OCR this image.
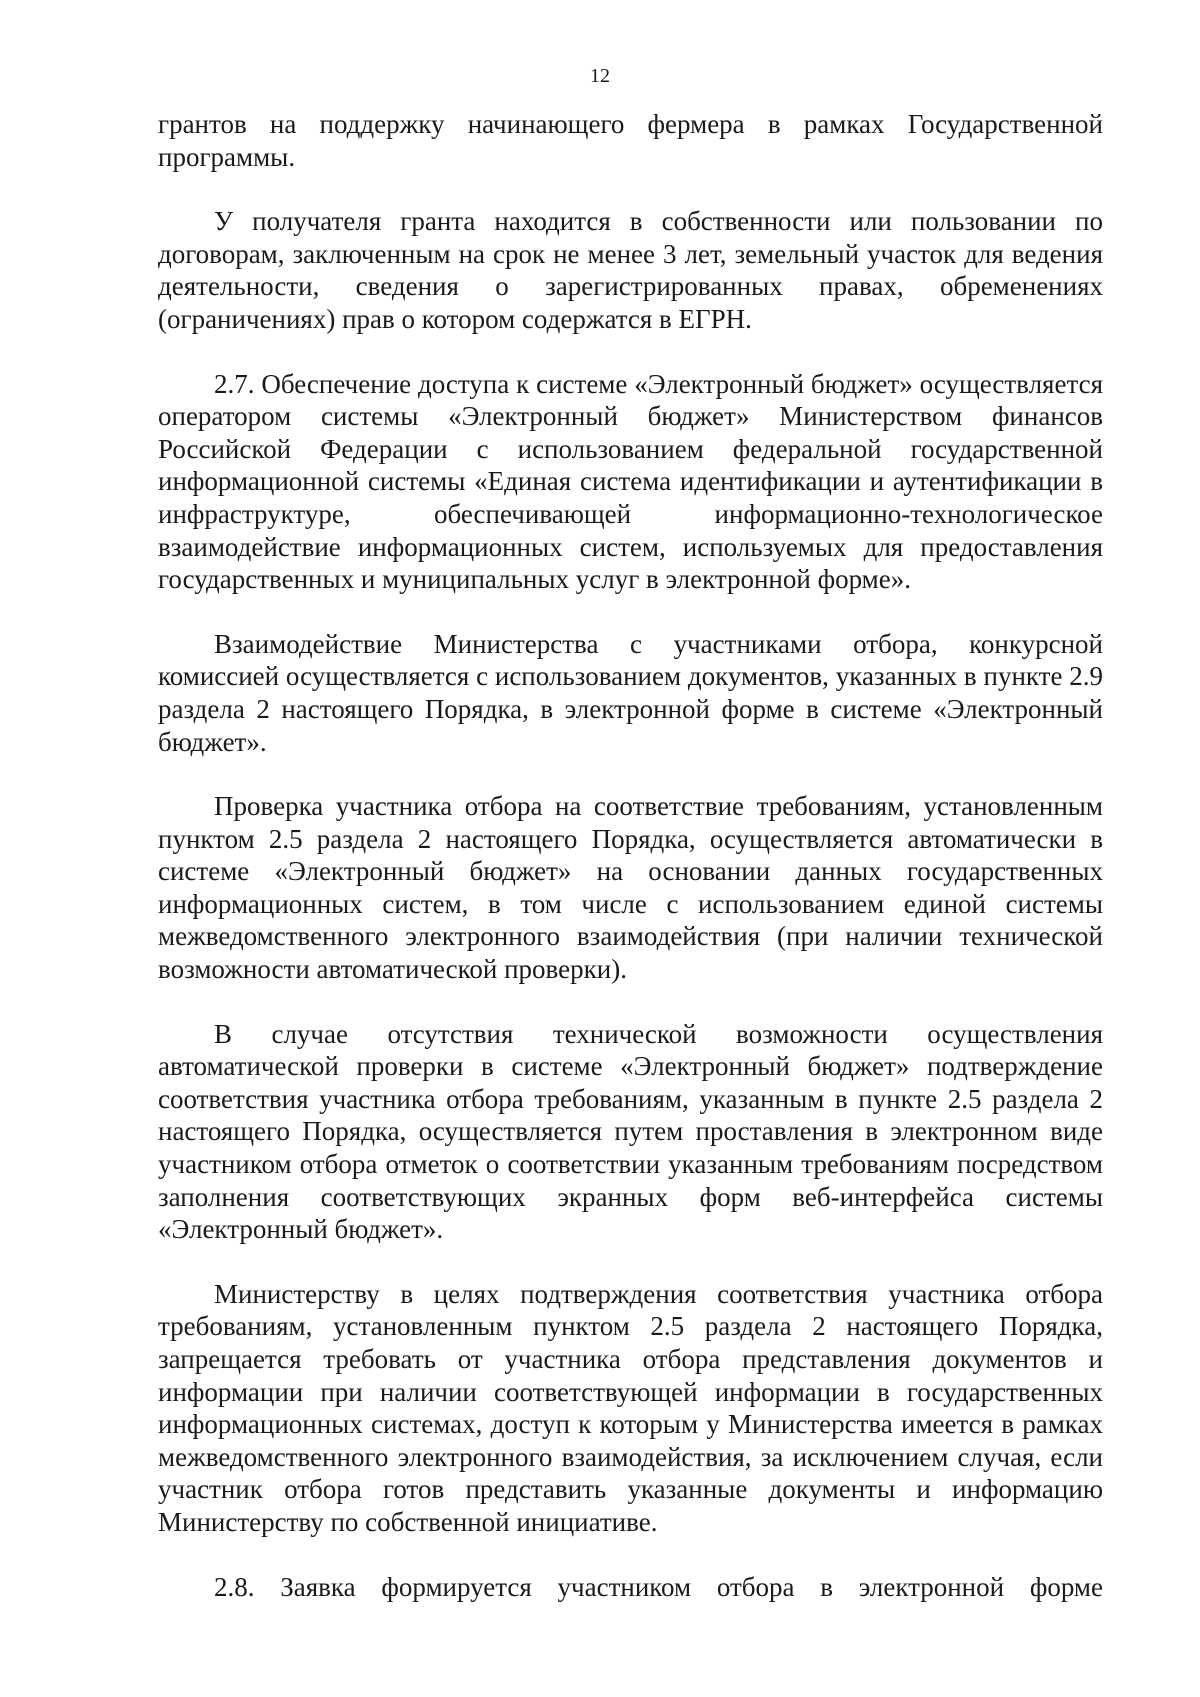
12

грантов на поддержку начинающего фермера в рамках Государственной программы.

У получателя гранта находится в собственности или пользовании по договорам, заключенным на срок не менее 3 лет, земельный участок для ведения деятельности, сведения о зарегистрированных правах, обременениях (ограничениях) прав о котором содержатся в ЕГРН.

2.7. Обеспечение доступа к системе «Электронный бюджет» осуществляется оператором системы «Электронный бюджет» Министерством финансов Российской Федерации с использованием федеральной государственной информационной системы «Единая система идентификации и аутентификации в инфраструктуре, обеспечивающей информационно-технологическое взаимодействие информационных систем, используемых для предоставления государственных и муниципальных услуг в электронной форме».

Взаимодействие Министерства с участниками отбора, конкурсной комиссией осуществляется с использованием документов, указанных в пункте 2.9 раздела 2 настоящего Порядка, в электронной форме в системе «Электронный бюджет».

Проверка участника отбора на соответствие требованиям, установленным пунктом 2.5 раздела 2 настоящего Порядка, осуществляется автоматически в системе «Электронный бюджет» на основании данных государственных информационных систем, в том числе с использованием единой системы межведомственного электронного взаимодействия (при наличии технической возможности автоматической проверки).

В случае отсутствия технической возможности осуществления автоматической проверки в системе «Электронный бюджет» подтверждение соответствия участника отбора требованиям, указанным в пункте 2.5 раздела 2 настоящего Порядка, осуществляется путем проставления в электронном виде участником отбора отметок о соответствии указанным требованиям посредством заполнения соответствующих экранных форм веб-интерфейса системы «Электронный бюджет».

Министерству в целях подтверждения соответствия участника отбора требованиям, установленным пунктом 2.5 раздела 2 настоящего Порядка, запрещается требовать от участника отбора представления документов и информации при наличии соответствующей информации в государственных информационных системах, доступ к которым у Министерства имеется в рамках межведомственного электронного взаимодействия, за исключением случая, если участник отбора готов представить указанные документы и информацию Министерству по собственной инициативе.

2.8. Заявка формируется участником отбора в электронной форме
